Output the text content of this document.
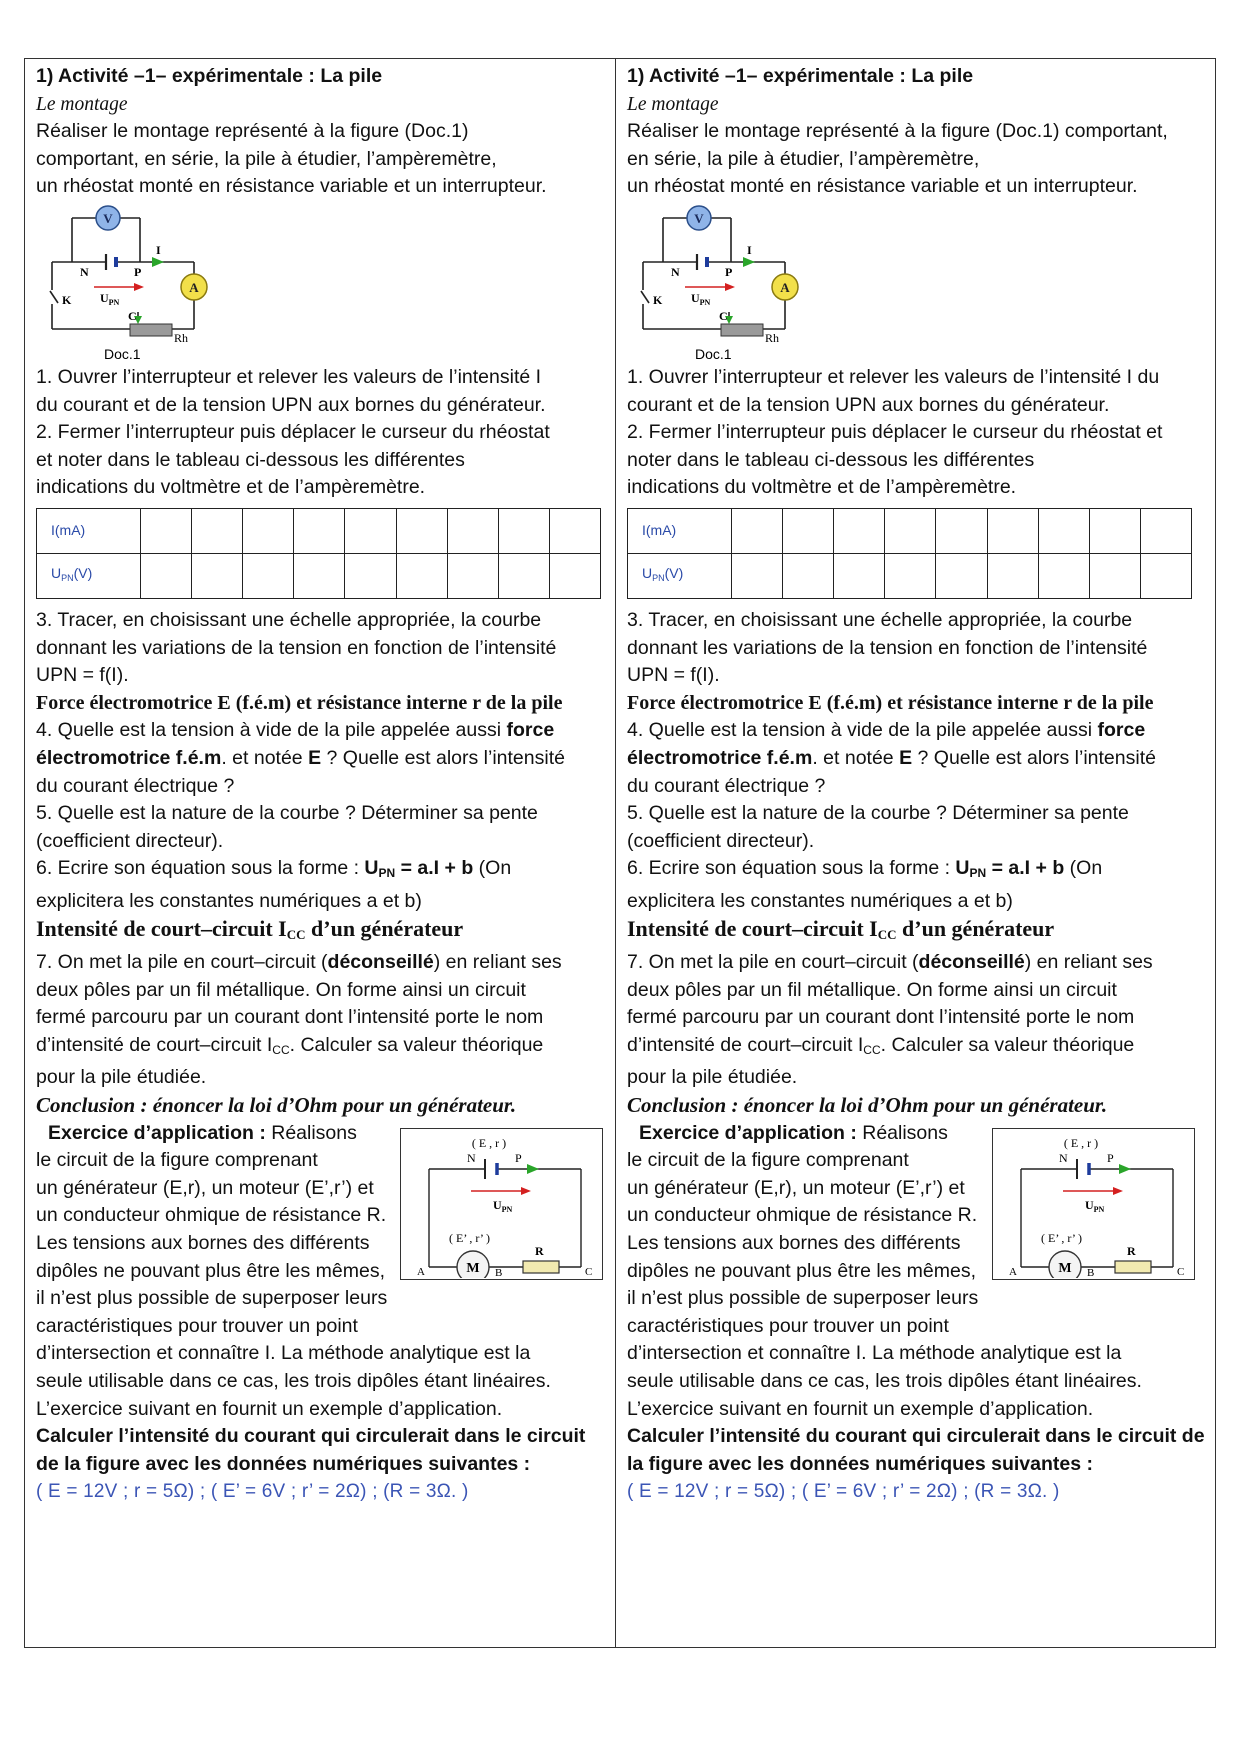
1) Activité –1– expérimentale : La pile
Le montage
Réaliser le montage représenté à la figure (Doc.1)
comportant, en série, la pile à étudier, l’ampèremètre,
un rhéostat monté en résistance variable et un interrupteur.
V
A
N	P
I
K $U_{PN}$
C
Rh
Doc.1
1. Ouvrer l’interrupteur et relever les valeurs de l’intensité I
du courant et de la tension UPN aux bornes du générateur.
2. Fermer l’interrupteur puis déplacer le curseur du rhéostat
et noter dans le tableau ci-dessous les différentes
indications du voltmètre et de l’ampèremètre.
I(mA)									
$U_{PN}(V)$									
3. Tracer, en choisissant une échelle appropriée, la courbe
donnant les variations de la tension en fonction de l’intensité
UPN = f(I).
Force électromotrice E (f.é.m) et résistance interne r de la pile
4. Quelle est la tension à vide de la pile appelée aussi force
électromotrice f.é.m. et notée E ? Quelle est alors l’intensité
du courant électrique ?
5. Quelle est la nature de la courbe ? Déterminer sa pente
(coefficient directeur).
6. Ecrire son équation sous la forme : $U_{PN} = a.I + b$ (On
explicitera les constantes numériques a et b)
Intensité de court–circuit $I_{CC}$ d’un générateur
7. On met la pile en court–circuit (déconseillé) en reliant ses
deux pôles par un fil métallique. On forme ainsi un circuit
fermé parcouru par un courant dont l’intensité porte le nom
d’intensité de court–circuit $I_{CC}$. Calculer sa valeur théorique
pour la pile étudiée.
Conclusion : énoncer la loi d’Ohm pour un générateur.
( E , r )
N	P
$U_{PN}$
( E’ , r’ )
M
R
A	B	C
Exercice d’application : Réalisons
le circuit de la figure comprenant
un générateur (E,r), un moteur (E’,r’) et
un conducteur ohmique de résistance R.
Les tensions aux bornes des différents
dipôles ne pouvant plus être les mêmes,
il n’est plus possible de superposer leurs
caractéristiques pour trouver un point
d’intersection et connaître I. La méthode analytique est la
seule utilisable dans ce cas, les trois dipôles étant linéaires.
L’exercice suivant en fournit un exemple d’application.
Calculer l’intensité du courant qui circulerait dans le circuit
de la figure avec les données numériques suivantes :
( E = 12V ; r = 5Ω) ; ( E’ = 6V ; r’ = 2Ω) ; (R = 3Ω. )
1) Activité –1– expérimentale : La pile
Le montage
Réaliser le montage représenté à la figure (Doc.1) comportant,
en série, la pile à étudier, l’ampèremètre,
un rhéostat monté en résistance variable et un interrupteur.
V
A
N	P
I
K $U_{PN}$
C
Rh
Doc.1
1. Ouvrer l’interrupteur et relever les valeurs de l’intensité I du
courant et de la tension UPN aux bornes du générateur.
2. Fermer l’interrupteur puis déplacer le curseur du rhéostat et
noter dans le tableau ci-dessous les différentes
indications du voltmètre et de l’ampèremètre.
I(mA)									
$U_{PN}(V)$									
3. Tracer, en choisissant une échelle appropriée, la courbe
donnant les variations de la tension en fonction de l’intensité
UPN = f(I).
Force électromotrice E (f.é.m) et résistance interne r de la pile
4. Quelle est la tension à vide de la pile appelée aussi force
électromotrice f.é.m. et notée E ? Quelle est alors l’intensité
du courant électrique ?
5. Quelle est la nature de la courbe ? Déterminer sa pente
(coefficient directeur).
6. Ecrire son équation sous la forme : $U_{PN} = a.I + b$ (On
explicitera les constantes numériques a et b)
Intensité de court–circuit $I_{CC}$ d’un générateur
7. On met la pile en court–circuit (déconseillé) en reliant ses
deux pôles par un fil métallique. On forme ainsi un circuit
fermé parcouru par un courant dont l’intensité porte le nom
d’intensité de court–circuit $I_{CC}$. Calculer sa valeur théorique
pour la pile étudiée.
Conclusion : énoncer la loi d’Ohm pour un générateur.
( E , r )
N	P
$U_{PN}$
( E’ , r’ )
M
R
A	B	C
Exercice d’application : Réalisons
le circuit de la figure comprenant
un générateur (E,r), un moteur (E’,r’) et
un conducteur ohmique de résistance R.
Les tensions aux bornes des différents
dipôles ne pouvant plus être les mêmes,
il n’est plus possible de superposer leurs
caractéristiques pour trouver un point
d’intersection et connaître I. La méthode analytique est la
seule utilisable dans ce cas, les trois dipôles étant linéaires.
L’exercice suivant en fournit un exemple d’application.
Calculer l’intensité du courant qui circulerait dans le circuit de
la figure avec les données numériques suivantes :
( E = 12V ; r = 5Ω) ; ( E’ = 6V ; r’ = 2Ω) ; (R = 3Ω. )
